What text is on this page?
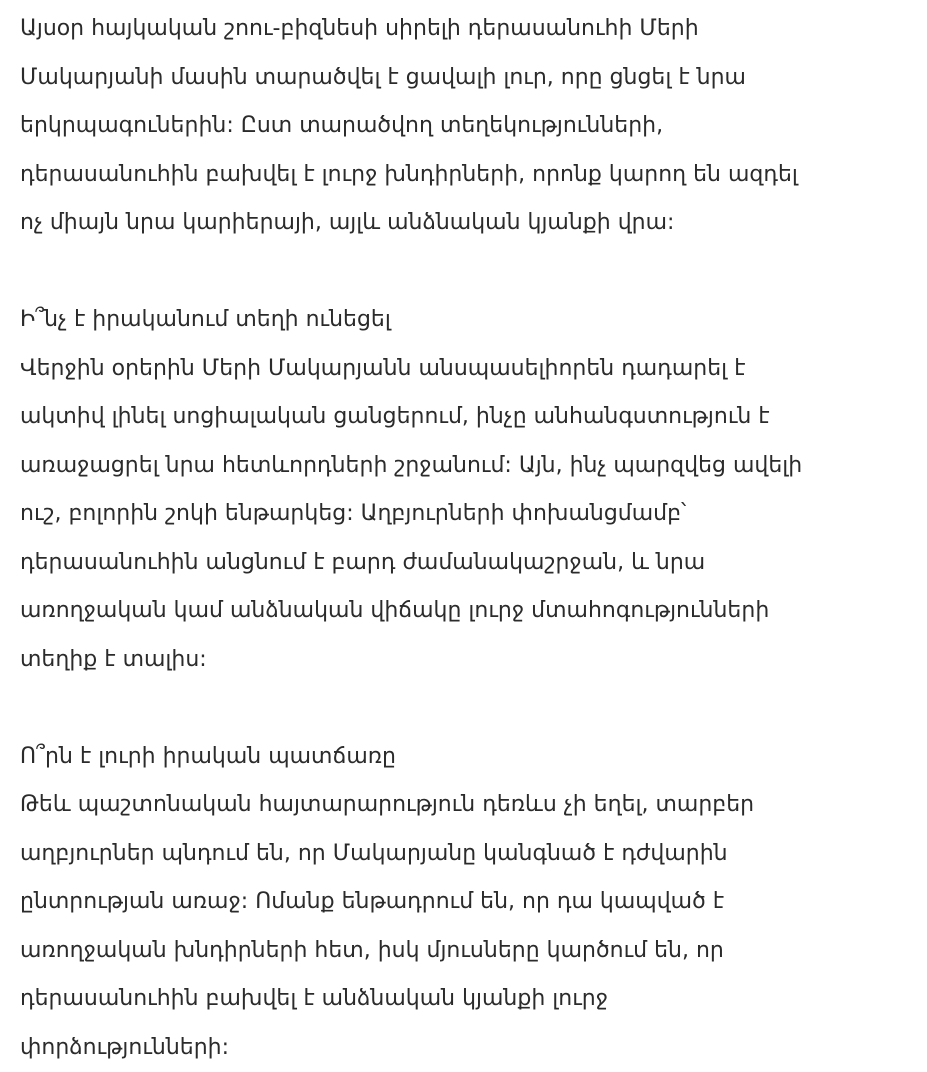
Այսօր հայկական շոու-բիզնեսի սիրելի դերասանուհի Մերի

Մակարյանի մասին տարածվել է ցավալի լուր, որը ցնցել է նրա

երկրպագուներին: Ըստ տարածվող տեղեկությունների,

դերասանուհին բախվել է լուրջ խնդիրների, որոնք կարող են ազդել

ոչ միայն նրա կարիերայի, այլև անձնական կյանքի վրա:

Ի՞նչ է իրականում տեղի ունեցել

Վերջին օրերին Մերի Մակարյանն անսպասելիորեն դադարել է

ակտիվ լինել սոցիալական ցանցերում, ինչը անհանգստություն է

առաջացրել նրա հետևորդների շրջանում: Այն, ինչ պարզվեց ավելի

ուշ, բոլորին շոկի ենթարկեց: Աղբյուրների փոխանցմամբ՝

դերասանուհին անցնում է բարդ ժամանակաշրջան, և նրա

առողջական կամ անձնական վիճակը լուրջ մտահոգությունների

տեղիք է տալիս:

Ո՞րն է լուրի իրական պատճառը

Թեև պաշտոնական հայտարարություն դեռևս չի եղել, տարբեր

աղբյուրներ պնդում են, որ Մակարյանը կանգնած է դժվարին

ընտրության առաջ: Ոմանք ենթադրում են, որ դա կապված է

առողջական խնդիրների հետ, իսկ մյուսները կարծում են, որ

դերասանուհին բախվել է անձնական կյանքի լուրջ

փորձությունների:
